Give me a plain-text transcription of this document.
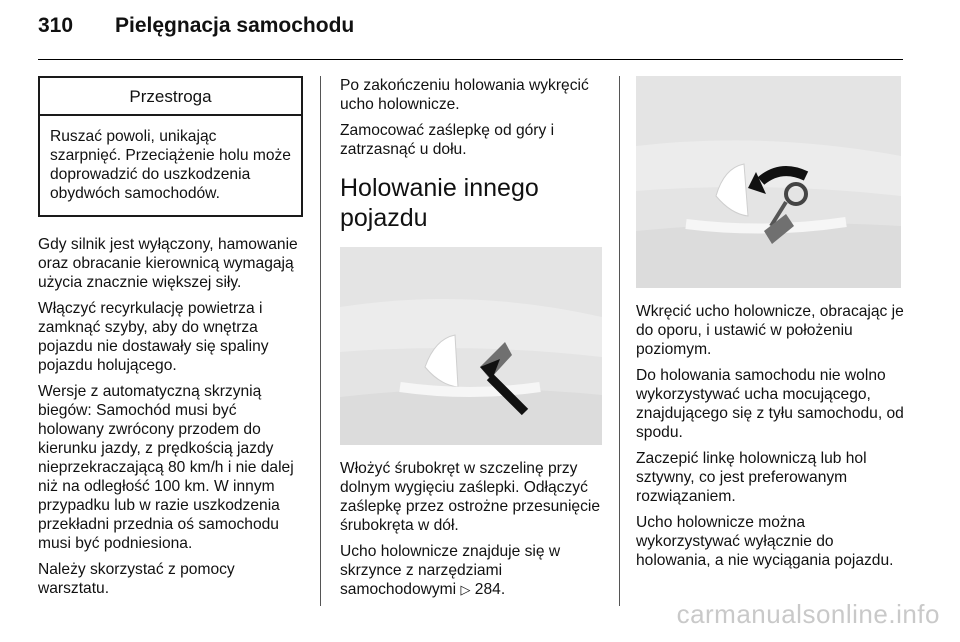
310 Pielęgnacja samochodu
Przestroga
Ruszać powoli, unikając szarpnięć. Przeciążenie holu może doprowadzić do uszkodzenia obydwóch samochodów.

Gdy silnik jest wyłączony, hamowanie oraz obracanie kierownicą wymagają użycia znacznie większej siły.

Włączyć recyrkulację powietrza i zamknąć szyby, aby do wnętrza pojazdu nie dostawały się spaliny pojazdu holującego.

Wersje z automatyczną skrzynią biegów: Samochód musi być holowany zwrócony przodem do kierunku jazdy, z prędkością jazdy nieprzekraczającą 80 km/h i nie dalej niż na odległość 100 km. W innym przypadku lub w razie uszkodzenia przekładni przednia oś samochodu musi być podniesiona.

Należy skorzystać z pomocy warsztatu.

Po zakończeniu holowania wykręcić ucho holownicze.

Zamocować zaślepkę od góry i zatrzasnąć u dołu.

Holowanie innego pojazdu

Włożyć śrubokręt w szczelinę przy dolnym wygięciu zaślepki. Odłączyć zaślepkę przez ostrożne przesunięcie śrubokręta w dół.

Ucho holownicze znajduje się w skrzynce z narzędziami samochodowymi ▷ 284.

Wkręcić ucho holownicze, obracając je do oporu, i ustawić w położeniu poziomym.

Do holowania samochodu nie wolno wykorzystywać ucha mocującego, znajdującego się z tyłu samochodu, od spodu.

Zaczepić linkę holowniczą lub hol sztywny, co jest preferowanym rozwiązaniem.

Ucho holownicze można wykorzystywać wyłącznie do holowania, a nie wyciągania pojazdu.

carmanualsonline.info
